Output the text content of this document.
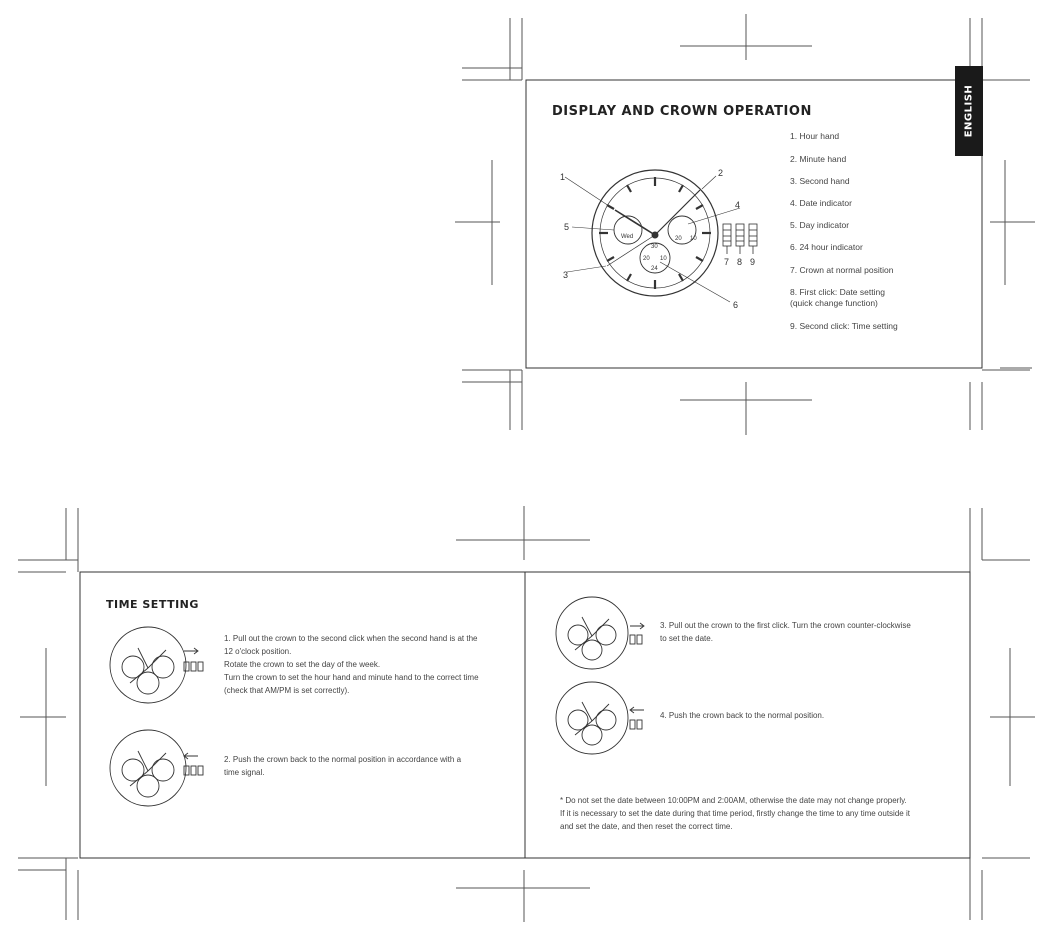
ENGLISH
DISPLAY AND CROWN OPERATION
1	2
3
4
5
6
7 8 9
20 10
30
20 10
24
Wed
1. Hour hand
2. Minute hand
3. Second hand
4. Date indicator
5. Day indicator
6. 24 hour indicator
7. Crown at normal position
8. First click: Date setting
(quick change function)
9. Second click: Time setting
TIME SETTING
1. Pull out the crown to the second click when the second hand is at the
12 o'clock position.
Rotate the crown to set the day of the week.
Turn the crown to set the hour hand and minute hand to the correct time
(check that AM/PM is set correctly).
2. Push the crown back to the normal position in accordance with a
time signal.
3. Pull out the crown to the first click. Turn the crown counter-clockwise
to set the date.
4. Push the crown back to the normal position.
* Do not set the date between 10:00PM and 2:00AM, otherwise the date may not change properly.
If it is necessary to set the date during that time period, firstly change the time to any time outside it
and set the date, and then reset the correct time.
